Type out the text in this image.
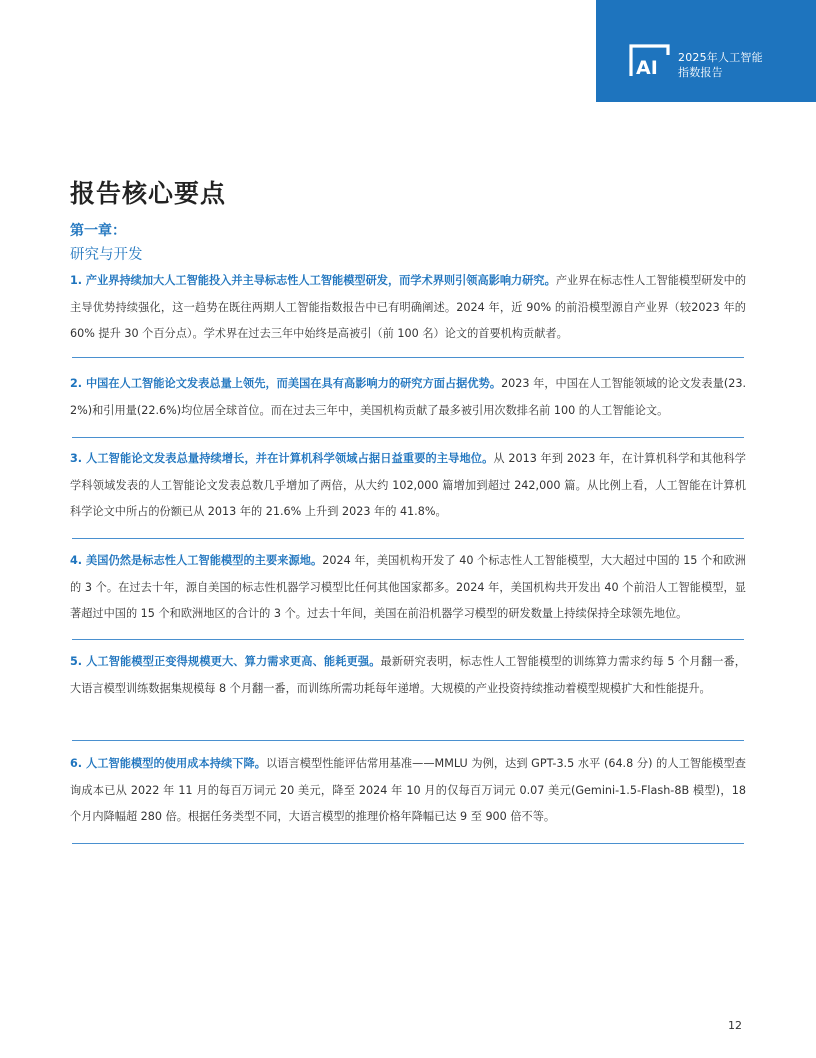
AI 2025年人工智能
指数报告
报告核心要点
第一章：
研究与开发
1. 产业界持续加大人工智能投入并主导标志性人工智能模型研发，而学术界则引领高影响力研究。产业界在标志性人工智能模型研发中的主导优势持续强化，这一趋势在既往两期人工智能指数报告中已有明确阐述。2024 年，近 90% 的前沿模型源自产业界（较2023 年的 60% 提升 30 个百分点）。学术界在过去三年中始终是高被引（前 100 名）论文的首要机构贡献者。
2. 中国在人工智能论文发表总量上领先，而美国在具有高影响力的研究方面占据优势。2023 年，中国在人工智能领域的论文发表量(23.2%)和引用量(22.6%)均位居全球首位。而在过去三年中，美国机构贡献了最多被引用次数排名前 100 的人工智能论文。
3. 人工智能论文发表总量持续增长，并在计算机科学领域占据日益重要的主导地位。从 2013 年到 2023 年，在计算机科学和其他科学学科领域发表的人工智能论文发表总数几乎增加了两倍，从大约 102,000 篇增加到超过 242,000 篇。从比例上看，人工智能在计算机科学论文中所占的份额已从 2013 年的 21.6% 上升到 2023 年的 41.8%。
4. 美国仍然是标志性人工智能模型的主要来源地。2024 年，美国机构开发了 40 个标志性人工智能模型，大大超过中国的 15 个和欧洲的 3 个。在过去十年，源自美国的标志性机器学习模型比任何其他国家都多。2024 年，美国机构共开发出 40 个前沿人工智能模型，显著超过中国的 15 个和欧洲地区的合计的 3 个。过去十年间，美国在前沿机器学习模型的研发数量上持续保持全球领先地位。
5. 人工智能模型正变得规模更大、算力需求更高、能耗更强。最新研究表明，标志性人工智能模型的训练算力需求约每 5 个月翻一番，大语言模型训练数据集规模每 8 个月翻一番，而训练所需功耗每年递增。大规模的产业投资持续推动着模型规模扩大和性能提升。
6. 人工智能模型的使用成本持续下降。以语言模型性能评估常用基准——MMLU 为例，达到 GPT-3.5 水平 (64.8 分) 的人工智能模型查询成本已从 2022 年 11 月的每百万词元 20 美元，降至 2024 年 10 月的仅每百万词元 0.07 美元(Gemini-1.5-Flash-8B 模型)，18 个月内降幅超 280 倍。根据任务类型不同，大语言模型的推理价格年降幅已达 9 至 900 倍不等。
12
